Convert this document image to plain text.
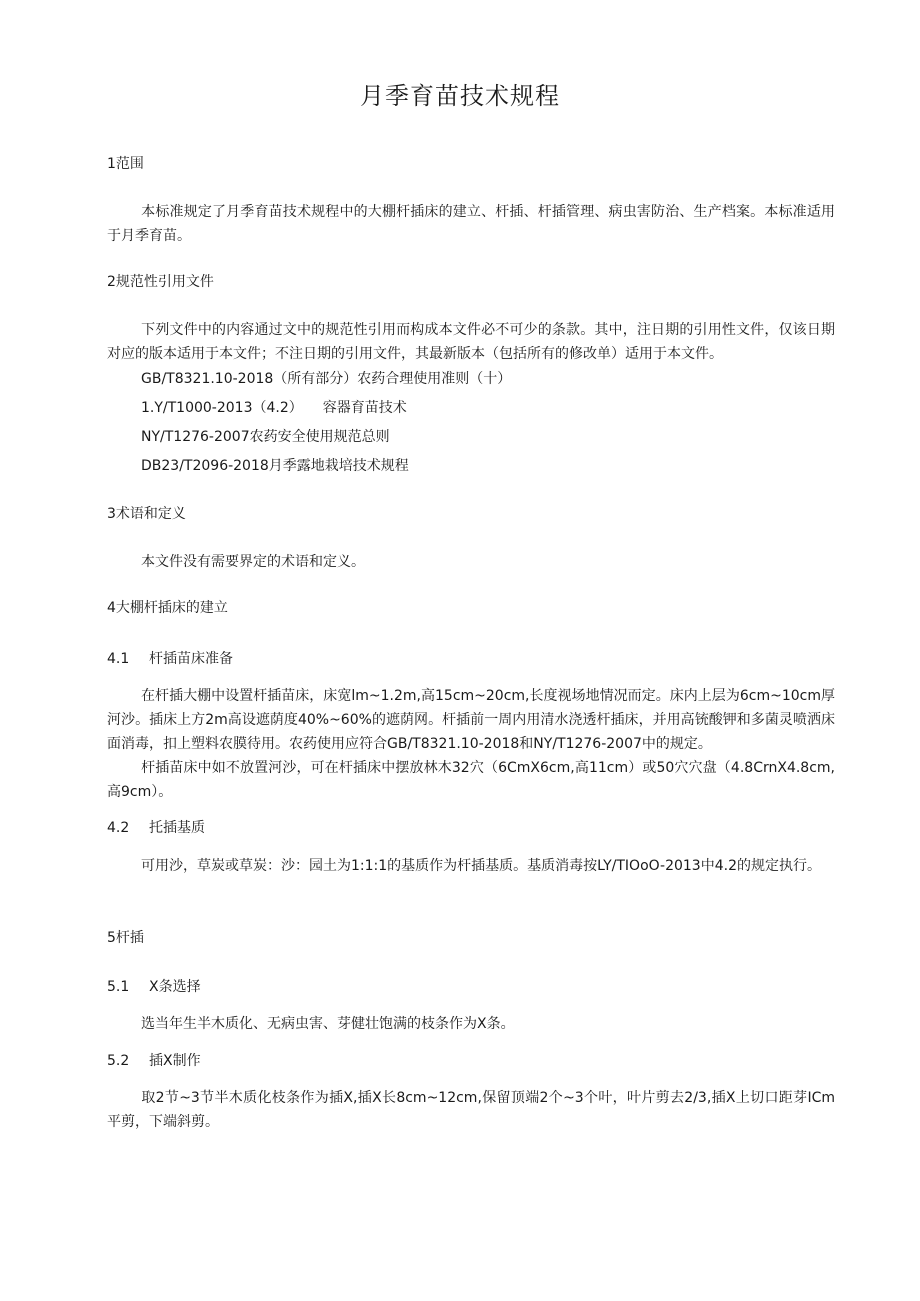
月季育苗技术规程
1范围
本标准规定了月季育苗技术规程中的大棚杆插床的建立、杆插、杆插管理、病虫害防治、生产档案。本标准适用于月季育苗。
2规范性引用文件
下列文件中的内容通过文中的规范性引用而构成本文件必不可少的条款。其中，注日期的引用性文件，仅该日期对应的版本适用于本文件；不注日期的引用文件，其最新版本（包括所有的修改单）适用于本文件。
GB/T8321.10-2018（所有部分）农药合理使用准则（十）
1.Y/T1000-2013（4.2） 容器育苗技术
NY/T1276-2007农药安全使用规范总则
DB23/T2096-2018月季露地栽培技术规程
3术语和定义
本文件没有需要界定的术语和定义。
4大棚杆插床的建立
4.1 杆插苗床准备
在杆插大棚中设置杆插苗床，床宽lm~1.2m,高15cm~20cm,长度视场地情况而定。床内上层为6cm~10cm厚河沙。插床上方2m高设遮荫度40%~60%的遮荫网。杆插前一周内用清水浇透杆插床，并用高铳酸钾和多菌灵喷洒床面消毒，扣上塑料农膜待用。农药使用应符合GB/T8321.10-2018和NY/T1276-2007中的规定。
杆插苗床中如不放置河沙，可在杆插床中摆放林木32穴（6CmX6cm,高11cm）或50穴穴盘（4.8CrnX4.8cm,高9cm）。
4.2 托插基质
可用沙，草炭或草炭：沙：园土为1:1:1的基质作为杆插基质。基质消毒按LY/TIOoO-2013中4.2的规定执行。
5杆插
5.1 X条选择
选当年生半木质化、无病虫害、芽健壮饱满的枝条作为X条。
5.2 插X制作
取2节~3节半木质化枝条作为插X,插X长8cm~12cm,保留顶端2个~3个叶，叶片剪去2/3,插X上切口距芽ICm平剪，下端斜剪。
